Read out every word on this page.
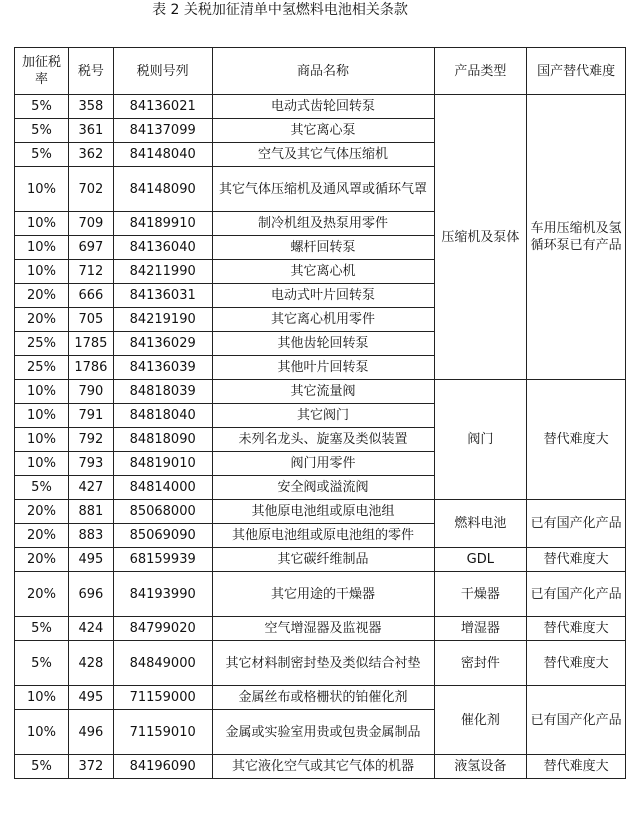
表 2 关税加征清单中氢燃料电池相关条款
加征税率	税号	税则号列	商品名称	产品类型	国产替代难度
5%	358	84136021	电动式齿轮回转泵	压缩机及泵体	车用压缩机及氢循环泵已有产品
5%	361	84137099	其它离心泵		
5%	362	84148040	空气及其它气体压缩机		
10%	702	84148090	其它气体压缩机及通风罩或循环气罩		
10%	709	84189910	制冷机组及热泵用零件		
10%	697	84136040	螺杆回转泵		
10%	712	84211990	其它离心机		
20%	666	84136031	电动式叶片回转泵		
20%	705	84219190	其它离心机用零件		
25%	1785	84136029	其他齿轮回转泵		
25%	1786	84136039	其他叶片回转泵		
10%	790	84818039	其它流量阀	阀门	替代难度大
10%	791	84818040	其它阀门		
10%	792	84818090	未列名龙头、旋塞及类似装置		
10%	793	84819010	阀门用零件		
5%	427	84814000	安全阀或溢流阀		
20%	881	85068000	其他原电池组或原电池组	燃料电池	已有国产化产品
20%	883	85069090	其他原电池组或原电池组的零件		
20%	495	68159939	其它碳纤维制品	GDL	替代难度大
20%	696	84193990	其它用途的干燥器	干燥器	已有国产化产品
5%	424	84799020	空气增湿器及监视器	增湿器	替代难度大
5%	428	84849000	其它材料制密封垫及类似结合衬垫	密封件	替代难度大
10%	495	71159000	金属丝布或格栅状的铂催化剂	催化剂	已有国产化产品
10%	496	71159010	金属或实验室用贵或包贵金属制品		
5%	372	84196090	其它液化空气或其它气体的机器	液氢设备	替代难度大
